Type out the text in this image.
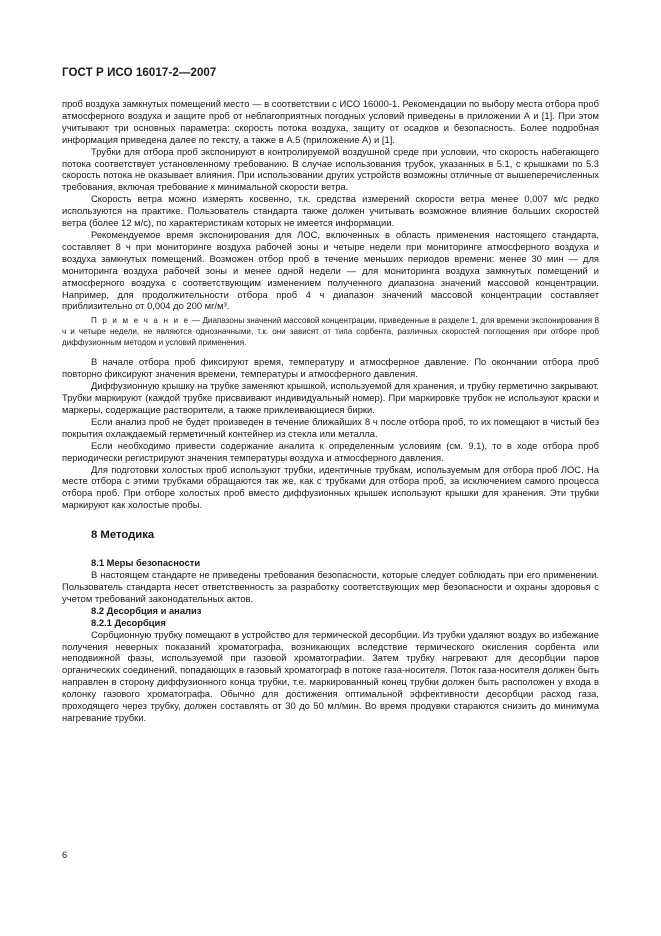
ГОСТ Р ИСО 16017-2—2007

проб воздуха замкнутых помещений место — в соответствии с ИСО 16000-1. Рекомендации по выбору места отбора проб атмосферного воздуха и защите проб от неблагоприятных погодных условий приведены в приложении А и [1]. При этом учитывают три основных параметра: скорость потока воздуха, защиту от осадков и безопасность. Более подробная информация приведена далее по тексту, а также в А.5 (приложение А) и [1].

Трубки для отбора проб экспонируют в контролируемой воздушной среде при условии, что скорость набегающего потока соответствует установленному требованию. В случае использования трубок, указанных в 5.1, с крышками по 5.3 скорость потока не оказывает влияния. При использовании других устройств возможны отличные от вышеперечисленных требования, включая требование к минимальной скорости ветра.

Скорость ветра можно измерять косвенно, т.к. средства измерений скорости ветра менее 0,007 м/с редко используются на практике. Пользователь стандарта также должен учитывать возможное влияние больших скоростей ветра (более 12 м/с), по характеристикам которых не имеется информации.

Рекомендуемое время экспонирования для ЛОС, включенных в область применения настоящего стандарта, составляет 8 ч при мониторинге воздуха рабочей зоны и четыре недели при мониторинге атмосферного воздуха и воздуха замкнутых помещений. Возможен отбор проб в течение меньших периодов времени: менее 30 мин — для мониторинга воздуха рабочей зоны и менее одной недели — для мониторинга воздуха замкнутых помещений и атмосферного воздуха с соответствующим изменением полученного диапазона значений массовой концентрации. Например, для продолжительности отбора проб 4 ч диапазон значений массовой концентрации составляет приблизительно от 0,004 до 200 мг/м³.

П р и м е ч а н и е — Диапазоны значений массовой концентрации, приведенные в разделе 1, для времени экспонирования 8 ч и четыре недели, не являются однозначными, т.к. они зависят от типа сорбента, различных скоростей поглощения при отборе проб диффузионным методом и условий применения.

В начале отбора проб фиксируют время, температуру и атмосферное давление. По окончании отбора проб повторно фиксируют значения времени, температуры и атмосферного давления.

Диффузионную крышку на трубке заменяют крышкой, используемой для хранения, и трубку герметично закрывают. Трубки маркируют (каждой трубке присваивают индивидуальный номер). При маркировке трубок не используют краски и маркеры, содержащие растворители, а также приклеивающиеся бирки.

Если анализ проб не будет произведен в течение ближайших 8 ч после отбора проб, то их помещают в чистый без покрытия охлаждаемый герметичный контейнер из стекла или металла.

Если необходимо привести содержание аналита к определенным условиям (см. 9.1), то в ходе отбора проб периодически регистрируют значения температуры воздуха и атмосферного давления.

Для подготовки холостых проб используют трубки, идентичные трубкам, используемым для отбора проб ЛОС. На месте отбора с этими трубками обращаются так же, как с трубками для отбора проб, за исключением самого процесса отбора проб. При отборе холостых проб вместо диффузионных крышек используют крышки для хранения. Эти трубки маркируют как холостые пробы.

8 Методика

8.1 Меры безопасности

В настоящем стандарте не приведены требования безопасности, которые следует соблюдать при его применении. Пользователь стандарта несет ответственность за разработку соответствующих мер безопасности и охраны здоровья с учетом требований законодательных актов.

8.2 Десорбция и анализ

8.2.1 Десорбция

Сорбционную трубку помещают в устройство для термической десорбции. Из трубки удаляют воздух во избежание получения неверных показаний хроматографа, возникающих вследствие термического окисления сорбента или неподвижной фазы, используемой при газовой хроматографии. Затем трубку нагревают для десорбции паров органических соединений, попадающих в газовый хроматограф в потоке газа-носителя. Поток газа-носителя должен быть направлен в сторону диффузионного конца трубки, т.е. маркированный конец трубки должен быть расположен у входа в колонку газового хроматографа. Обычно для достижения оптимальной эффективности десорбции расход газа, проходящего через трубку, должен составлять от 30 до 50 мл/мин. Во время продувки стараются снизить до минимума нагревание трубки.

6
